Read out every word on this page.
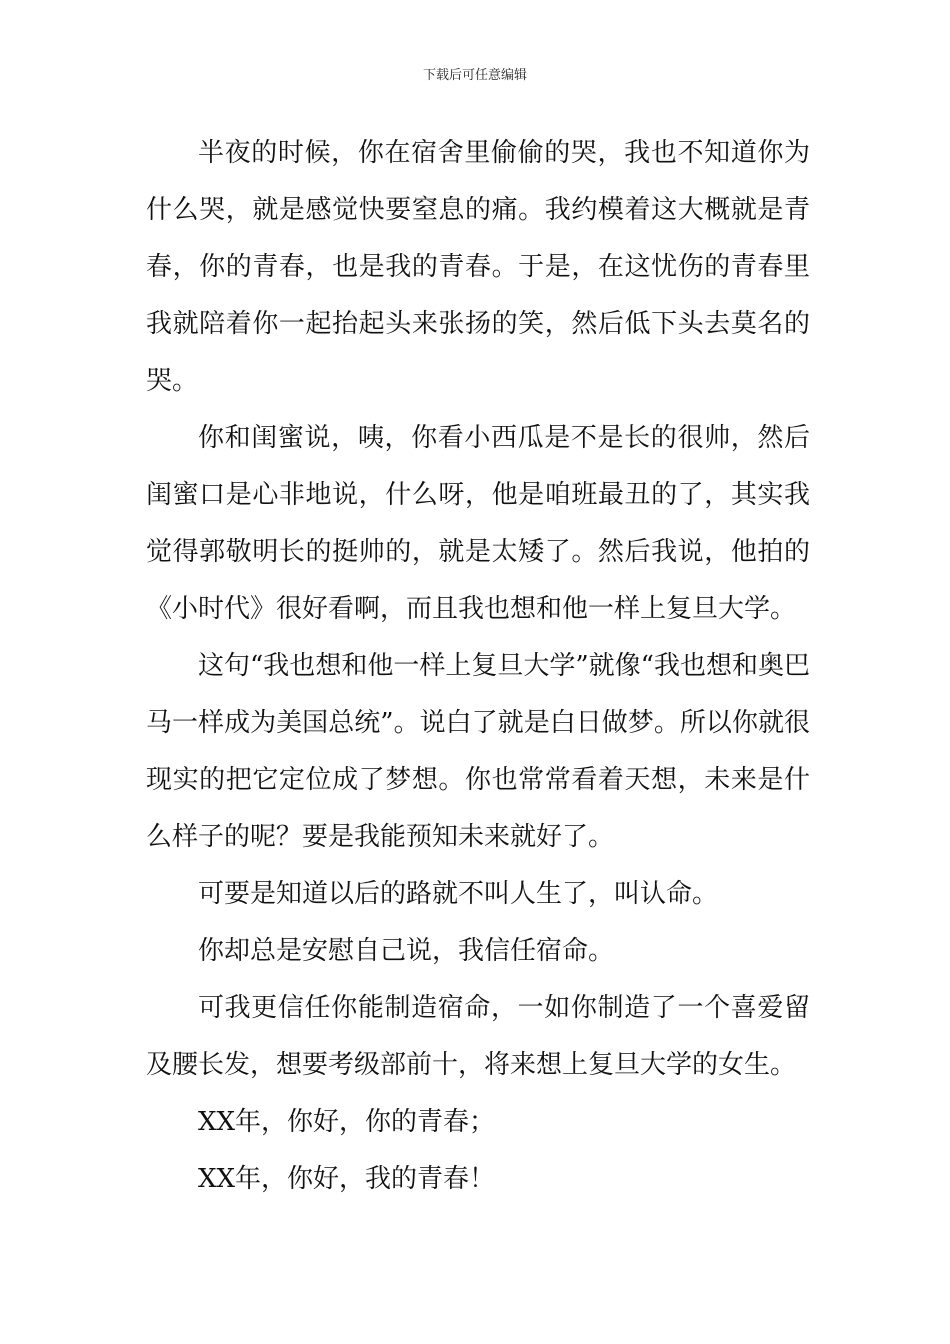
下载后可任意编辑

半夜的时候，你在宿舍里偷偷的哭，我也不知道你为什么哭，就是感觉快要窒息的痛。我约模着这大概就是青春，你的青春，也是我的青春。于是，在这忧伤的青春里我就陪着你一起抬起头来张扬的笑，然后低下头去莫名的哭。

你和闺蜜说，咦，你看小西瓜是不是长的很帅，然后闺蜜口是心非地说，什么呀，他是咱班最丑的了，其实我觉得郭敬明长的挺帅的，就是太矮了。然后我说，他拍的《小时代》很好看啊，而且我也想和他一样上复旦大学。

这句“我也想和他一样上复旦大学”就像“我也想和奥巴马一样成为美国总统”。说白了就是白日做梦。所以你就很现实的把它定位成了梦想。你也常常看着天想，未来是什么样子的呢？要是我能预知未来就好了。

可要是知道以后的路就不叫人生了，叫认命。

你却总是安慰自己说，我信任宿命。

可我更信任你能制造宿命，一如你制造了一个喜爱留及腰长发，想要考级部前十，将来想上复旦大学的女生。

XX年，你好，你的青春；

XX年，你好，我的青春！
